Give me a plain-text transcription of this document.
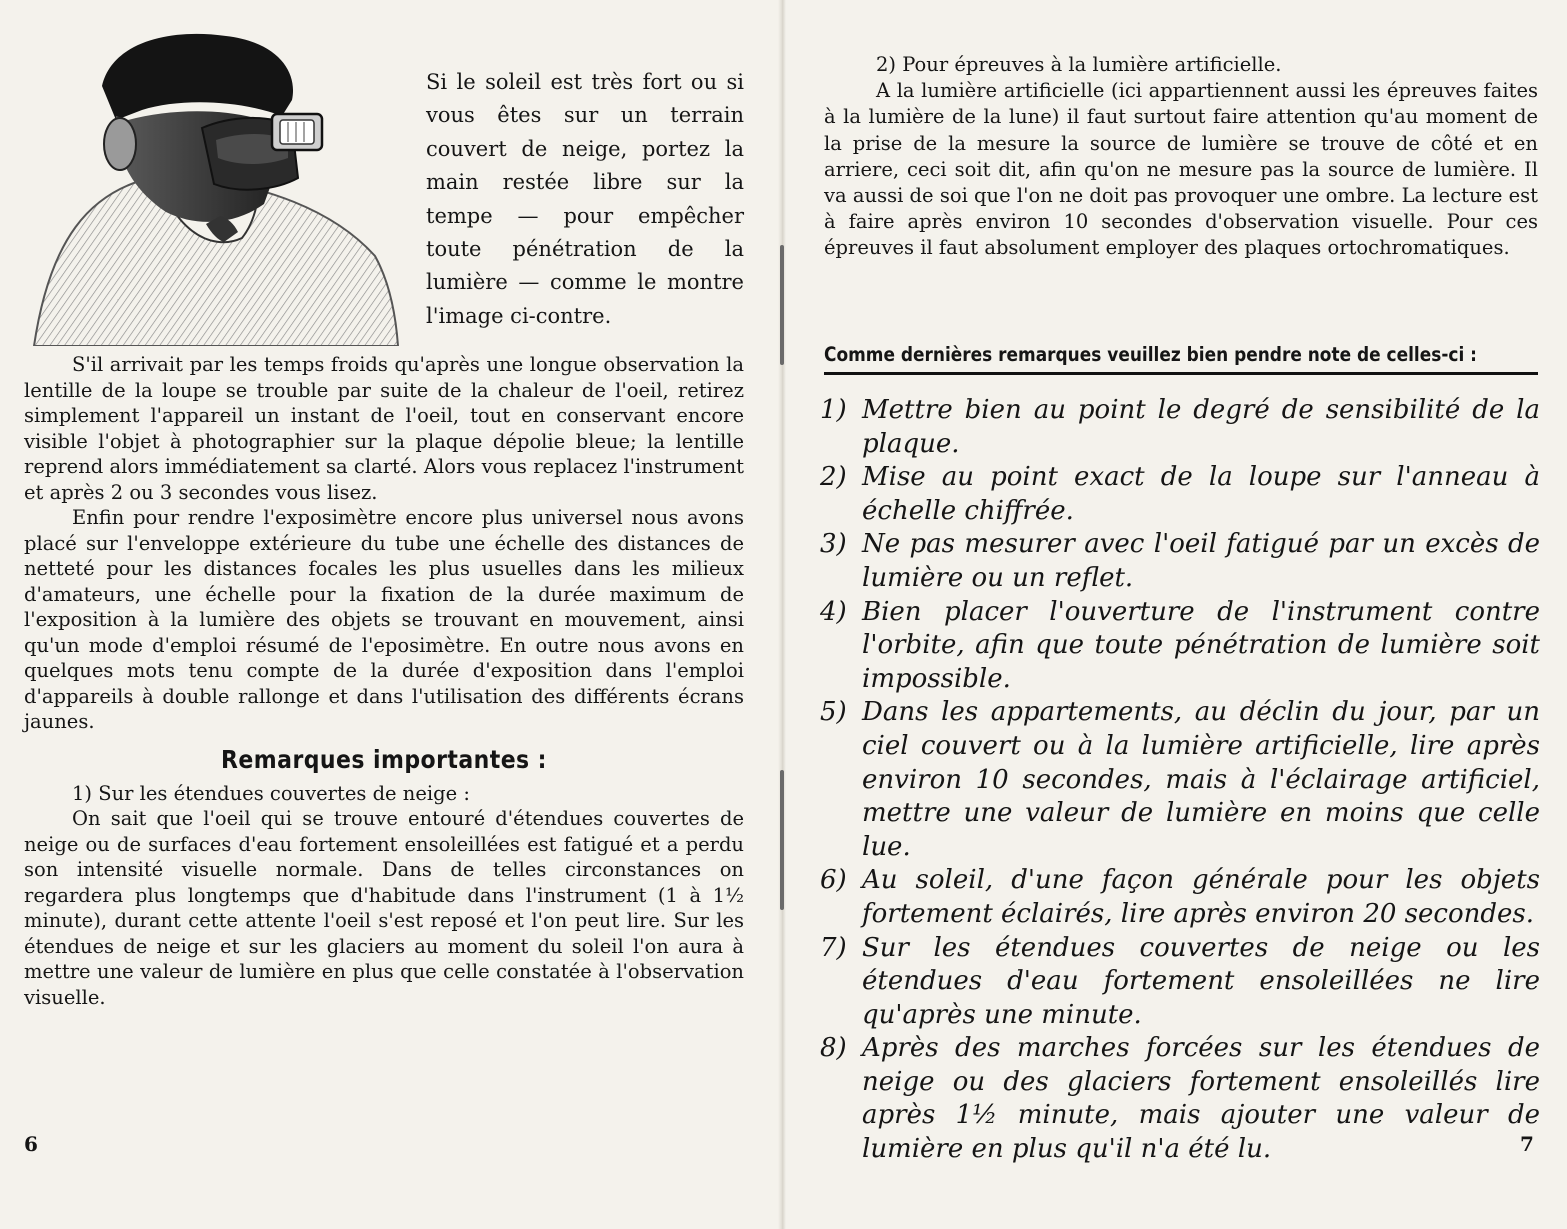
Si le soleil est très fort ou si vous êtes sur un terrain couvert de neige, portez la main restée libre sur la tempe — pour empêcher toute pénétration de la lumière — comme le montre l'image ci-contre.

S'il arrivait par les temps froids qu'après une longue observation la lentille de la loupe se trouble par suite de la chaleur de l'oeil, retirez simplement l'appareil un instant de l'oeil, tout en conservant encore visible l'objet à photographier sur la plaque dépolie bleue; la lentille reprend alors immédiatement sa clarté. Alors vous replacez l'instrument et après 2 ou 3 secondes vous lisez.

Enfin pour rendre l'exposimètre encore plus universel nous avons placé sur l'enveloppe extérieure du tube une échelle des distances de netteté pour les distances focales les plus usuelles dans les milieux d'amateurs, une échelle pour la fixation de la durée maximum de l'exposition à la lumière des objets se trouvant en mouvement, ainsi qu'un mode d'emploi résumé de l'eposimètre. En outre nous avons en quelques mots tenu compte de la durée d'exposition dans l'emploi d'appareils à double rallonge et dans l'utilisation des différents écrans jaunes.

Remarques importantes :

1) Sur les étendues couvertes de neige :

On sait que l'oeil qui se trouve entouré d'étendues couvertes de neige ou de surfaces d'eau fortement ensoleillées est fatigué et a perdu son intensité visuelle normale. Dans de telles circonstances on regardera plus longtemps que d'habitude dans l'instrument (1 à 1½ minute), durant cette attente l'oeil s'est reposé et l'on peut lire. Sur les étendues de neige et sur les glaciers au moment du soleil l'on aura à mettre une valeur de lumière en plus que celle constatée à l'observation visuelle.

6

2) Pour épreuves à la lumière artificielle.

A la lumière artificielle (ici appartiennent aussi les épreuves faites à la lumière de la lune) il faut surtout faire attention qu'au moment de la prise de la mesure la source de lumière se trouve de côté et en arriere, ceci soit dit, afin qu'on ne mesure pas la source de lumière. Il va aussi de soi que l'on ne doit pas provoquer une ombre. La lecture est à faire après environ 10 secondes d'observation visuelle. Pour ces épreuves il faut absolument employer des plaques ortochromatiques.

Comme dernières remarques veuillez bien pendre note de celles-ci :
1) Mettre bien au point le degré de sensibilité de la plaque.
2) Mise au point exact de la loupe sur l'anneau à échelle chiffrée.
3) Ne pas mesurer avec l'oeil fatigué par un excès de lumière ou un reflet.
4) Bien placer l'ouverture de l'instrument contre l'orbite, afin que toute pénétration de lumière soit impossible.
5) Dans les appartements, au déclin du jour, par un ciel couvert ou à la lumière artificielle, lire après environ 10 secondes, mais à l'éclairage artificiel, mettre une valeur de lumière en moins que celle lue.
6) Au soleil, d'une façon générale pour les objets fortement éclairés, lire après environ 20 secondes.
7) Sur les étendues couvertes de neige ou les étendues d'eau fortement ensoleillées ne lire qu'après une minute.
8) Après des marches forcées sur les étendues de neige ou des glaciers fortement ensoleillés lire après 1½ minute, mais ajouter une valeur de lumière en plus qu'il n'a été lu.	7
